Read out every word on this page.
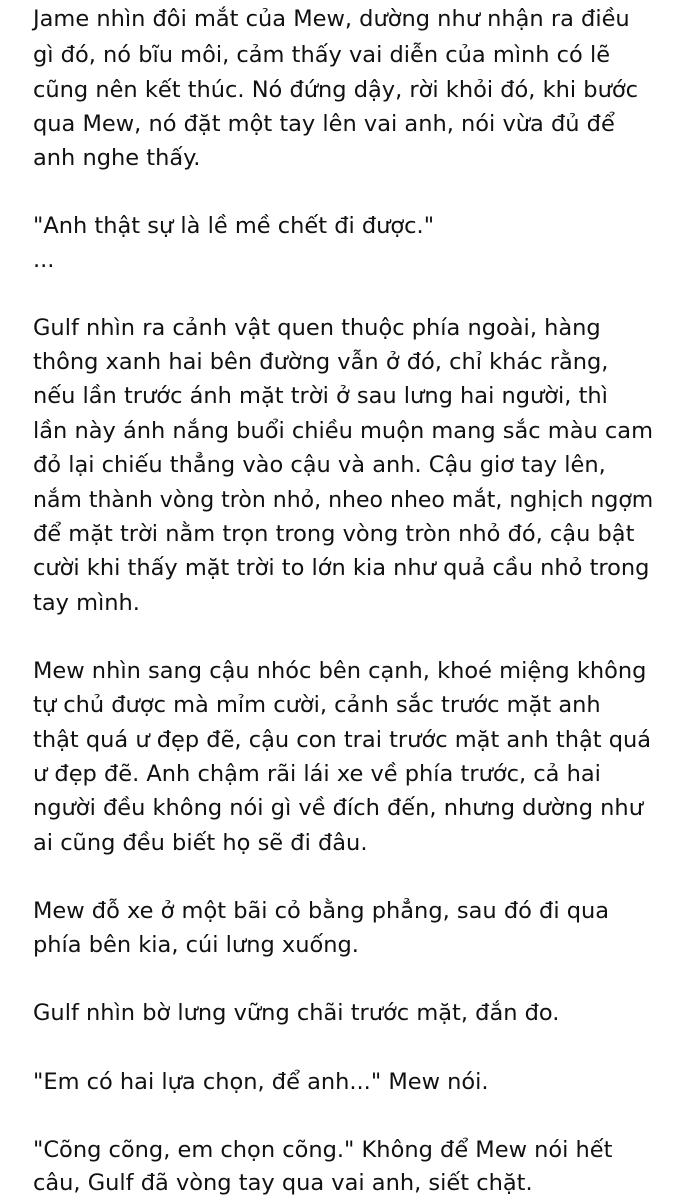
Jame nhìn đôi mắt của Mew, dường như nhận ra điều
gì đó, nó bĩu môi, cảm thấy vai diễn của mình có lẽ
cũng nên kết thúc. Nó đứng dậy, rời khỏi đó, khi bước
qua Mew, nó đặt một tay lên vai anh, nói vừa đủ để
anh nghe thấy.
"Anh thật sự là lề mề chết đi được."
...
Gulf nhìn ra cảnh vật quen thuộc phía ngoài, hàng
thông xanh hai bên đường vẫn ở đó, chỉ khác rằng,
nếu lần trước ánh mặt trời ở sau lưng hai người, thì
lần này ánh nắng buổi chiều muộn mang sắc màu cam
đỏ lại chiếu thẳng vào cậu và anh. Cậu giơ tay lên,
nắm thành vòng tròn nhỏ, nheo nheo mắt, nghịch ngợm
để mặt trời nằm trọn trong vòng tròn nhỏ đó, cậu bật
cười khi thấy mặt trời to lớn kia như quả cầu nhỏ trong
tay mình.
Mew nhìn sang cậu nhóc bên cạnh, khoé miệng không
tự chủ được mà mỉm cười, cảnh sắc trước mặt anh
thật quá ư đẹp đẽ, cậu con trai trước mặt anh thật quá
ư đẹp đẽ. Anh chậm rãi lái xe về phía trước, cả hai
người đều không nói gì về đích đến, nhưng dường như
ai cũng đều biết họ sẽ đi đâu.
Mew đỗ xe ở một bãi cỏ bằng phẳng, sau đó đi qua
phía bên kia, cúi lưng xuống.
Gulf nhìn bờ lưng vững chãi trước mặt, đắn đo.
"Em có hai lựa chọn, để anh..." Mew nói.
"Cõng cõng, em chọn cõng." Không để Mew nói hết
câu, Gulf đã vòng tay qua vai anh, siết chặt.
